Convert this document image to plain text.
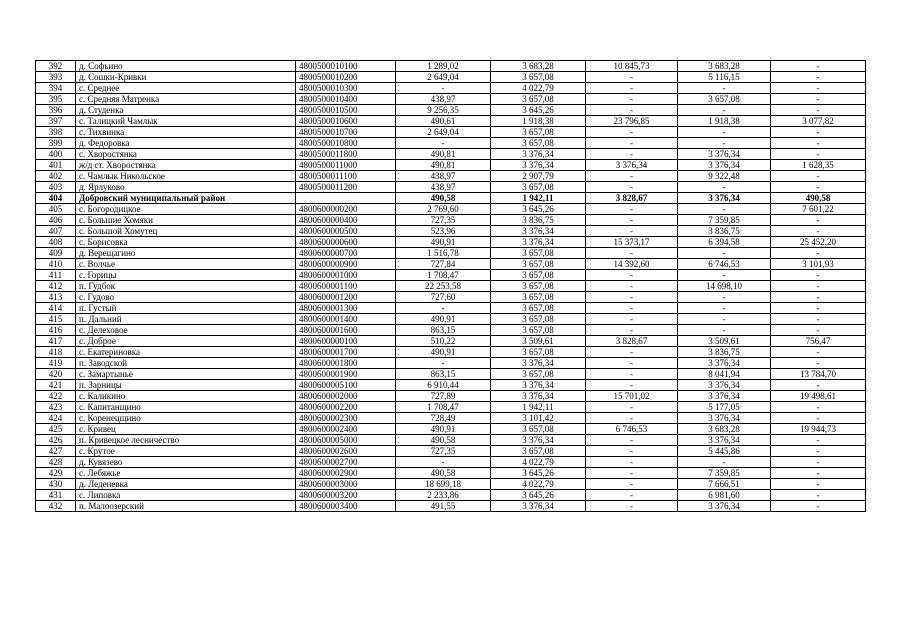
392	д. Софьино	4800500010100	1 289,02	3 683,28	10 845,73	3 683,28	-
393	д. Сошки-Кривки	4800500010200	2 649,04	3 657,08	-	5 116,15	-
394	с. Среднее	4800500010300	-	4 022,79	-	-	-
395	с. Средняя Матренка	4800500010400	438,97	3 657,08	-	3 657,08	-
396	д. Студенка	4800500010500	9 256,35	3 645,26	-	-	-
397	с. Талицкий Чамлык	4800500010600	490,61	1 918,38	23 796,85	1 918,38	3 077,82
398	с. Тихвинка	4800500010700	2 649,04	3 657,08	-	-	-
399	д. Федоровка	4800500010800	-	3 657,08	-	-	-
400	с. Хворостянка	4800500011800	490,81	3 376,34	-	3 376,34	-
401	ж/д ст. Хворостянка	4800500011000	490,81	3 376,34	3 376,34	3 376,34	1 628,35
402	с. Чамлык Никольское	4800500011100	438,97	2 907,79	-	9 322,48	-
403	д. Ярлуково	4800500011200	438,97	3 657,08	-	-	-
404	Добровский муниципальный район		490,58	1 942,11	3 828,67	3 376,34	490,58
405	с. Богородицкое	4800600000200	2 769,60	3 645,26	-	-	7 601,22
406	с. Большие Хомяки	4800600000400	727,35	3 836,75	-	7 359,85	-
407	с. Большой Хомутец	4800600000500	523,96	3 376,34	-	3 836,75	-
408	с. Борисовка	4800600000600	490,91	3 376,34	15 373,17	6 394,58	25 452,20
409	д. Верещагино	4800600000700	1 516,78	3 657,08	-	-	-
410	с. Волчье	4800600000900	727,84	3 657,08	14 392,60	6 746,53	3 101,93
411	с. Горицы	4800600001000	1 708,47	3 657,08	-	-	-
412	п. Гудбок	4800600001100	22 253,58	3 657,08	-	14 698,10	-
413	с. Гудово	4800600001200	727,60	3 657,08	-	-	-
414	п. Густый	4800600001300	-	3 657,08	-	-	-
415	п. Дальний	4800600001400	490,91	3 657,08	-	-	-
416	с. Делеховое	4800600001600	863,15	3 657,08	-	-	-
417	с. Доброе	4800600000100	510,22	3 509,61	3 828,67	3 509,61	756,47
418	с. Екатериновка	4800600001700	490,91	3 657,08	-	3 836,75	-
419	п. Заводской	4800600001800	-	3 376,34	-	3 376,34	-
420	с. Замартынье	4800600001900	863,15	3 657,08	-	8 041,94	13 784,70
421	п. Зарницы	4800600005100	6 910,44	3 376,34	-	3 376,34	-
422	с. Каликино	4800600002000	727,89	3 376,34	15 701,02	3 376,34	19 498,61
423	с. Капитанщино	4800600002200	1 708,47	1 942,11	-	5 177,05	-
424	с. Коренецщино	4800600002300	728,49	3 101,42	-	3 376,34	-
425	с. Кривец	4800600002400	490,91	3 657,08	6 746,53	3 683,28	19 944,73
426	п. Кривецкое лесничество	4800600005000	490,58	3 376,34	-	3 376,34	-
427	с. Крутое	4800600002600	727,35	3 657,08	-	5 445,86	-
428	д. Кувязево	4800600002700	-	4 022,79	-	-	-
429	с. Лебяжье	4800600002900	490,58	3 645,26	-	7 359,85	-
430	д. Леденевка	4800600003000	18 699,18	4 022,79	-	7 666,51	-
431	с. Липовка	4800600003200	2 233,86	3 645,26	-	6 981,60	-
432	п. Малоозерский	4800600003400	491,55	3 376,34	-	3 376,34	-
